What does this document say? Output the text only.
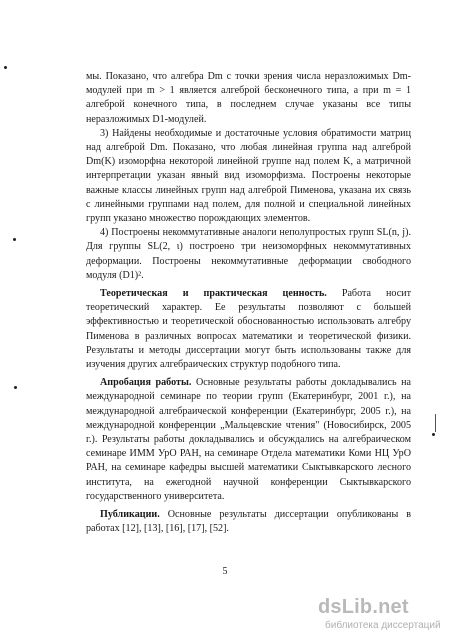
мы. Показано, что алгебра Dm с точки зрения числа неразложимых Dm-модулей при m > 1 является алгеброй бесконечного типа, а при m = 1 алгеброй конечного типа, в последнем случае указаны все типы неразложимых D1-модулей.

3) Найдены необходимые и достаточные условия обратимости матриц над алгеброй Dm. Показано, что любая линейная группа над алгеброй Dm(K) изоморфна некоторой линейной группе над полем K, а матричной интерпретации указан явный вид изоморфизма. Построены некоторые важные классы линейных групп над алгеброй Пименова, указана их связь с линейными группами над полем, для полной и специальной линейных групп указано множество порождающих элементов.

4) Построены некоммутативные аналоги неполупростых групп SL(n, j). Для группы SL(2, ι) построено три неизоморфных некоммутативных деформации. Построены некоммутативные деформации свободного модуля (D1)².

Теоретическая и практическая ценность. Работа носит теоретический характер. Ее результаты позволяют с большей эффективностью и теоретической обоснованностью использовать алгебру Пименова в различных вопросах математики и теоретической физики. Результаты и методы диссертации могут быть использованы также для изучения других алгебраических структур подобного типа.

Апробация работы. Основные результаты работы докладывались на международной семинаре по теории групп (Екатеринбург, 2001 г.), на международной алгебраической конференции (Екатеринбург, 2005 г.), на международной конференции „Мальцевские чтения" (Новосибирск, 2005 г.). Результаты работы докладывались и обсуждались на алгебраическом семинаре ИММ УрО РАН, на семинаре Отдела математики Коми НЦ УрО РАН, на семинаре кафедры высшей математики Сыктывкарского лесного института, на ежегодной научной конференции Сыктывкарского государственного университета.

Публикации. Основные результаты диссертации опубликованы в работах [12], [13], [16], [17], [52].

5
dsLib.net
библиотека диссертаций
